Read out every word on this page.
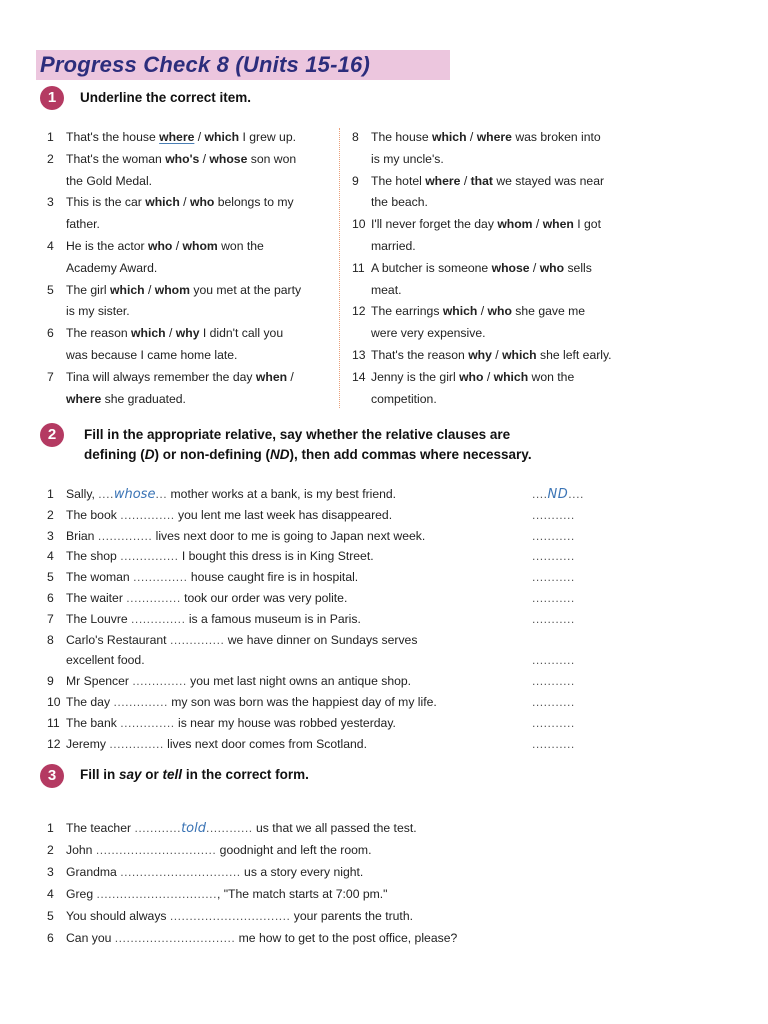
Progress Check 8 (Units 15-16)
1	Underline the correct item.
1 That's the house where / which I grew up.
2 That's the woman who's / whose son won
the Gold Medal.
3 This is the car which / who belongs to my
father.
4 He is the actor who / whom won the
Academy Award.
5 The girl which / whom you met at the party
is my sister.
6 The reason which / why I didn't call you
was because I came home late.
7 Tina will always remember the day when /
where she graduated.
8 The house which / where was broken into
is my uncle's.
9 The hotel where / that we stayed was near
the beach.
10 I'll never forget the day whom / when I got
married.
11 A butcher is someone whose / who sells
meat.
12 The earrings which / who she gave me
were very expensive.
13 That's the reason why / which she left early.
14 Jenny is the girl who / which won the
competition.
2	Fill in the appropriate relative, say whether the relative clauses are
defining (D) or non-defining (ND), then add commas where necessary.
1 Sally, ....whose... mother works at a bank, is my best friend.	....ND....
2 The book .............. you lent me last week has disappeared.	...........
3 Brian .............. lives next door to me is going to Japan next week.	...........
4 The shop ............... I bought this dress is in King Street.	...........
5 The woman .............. house caught fire is in hospital.	...........
6 The waiter .............. took our order was very polite.	...........
7 The Louvre .............. is a famous museum is in Paris.	...........
8 Carlo's Restaurant .............. we have dinner on Sundays serves
excellent food.	...........
9 Mr Spencer .............. you met last night owns an antique shop.	...........
10 The day .............. my son was born was the happiest day of my life.	...........
11 The bank .............. is near my house was robbed yesterday.	...........
12 Jeremy .............. lives next door comes from Scotland.	...........
3	Fill in say or tell in the correct form.
1 The teacher ............told............ us that we all passed the test.
2 John ............................... goodnight and left the room.
3 Grandma ............................... us a story every night.
4 Greg ..............................., "The match starts at 7:00 pm."
5 You should always ............................... your parents the truth.
6 Can you ............................... me how to get to the post office, please?
